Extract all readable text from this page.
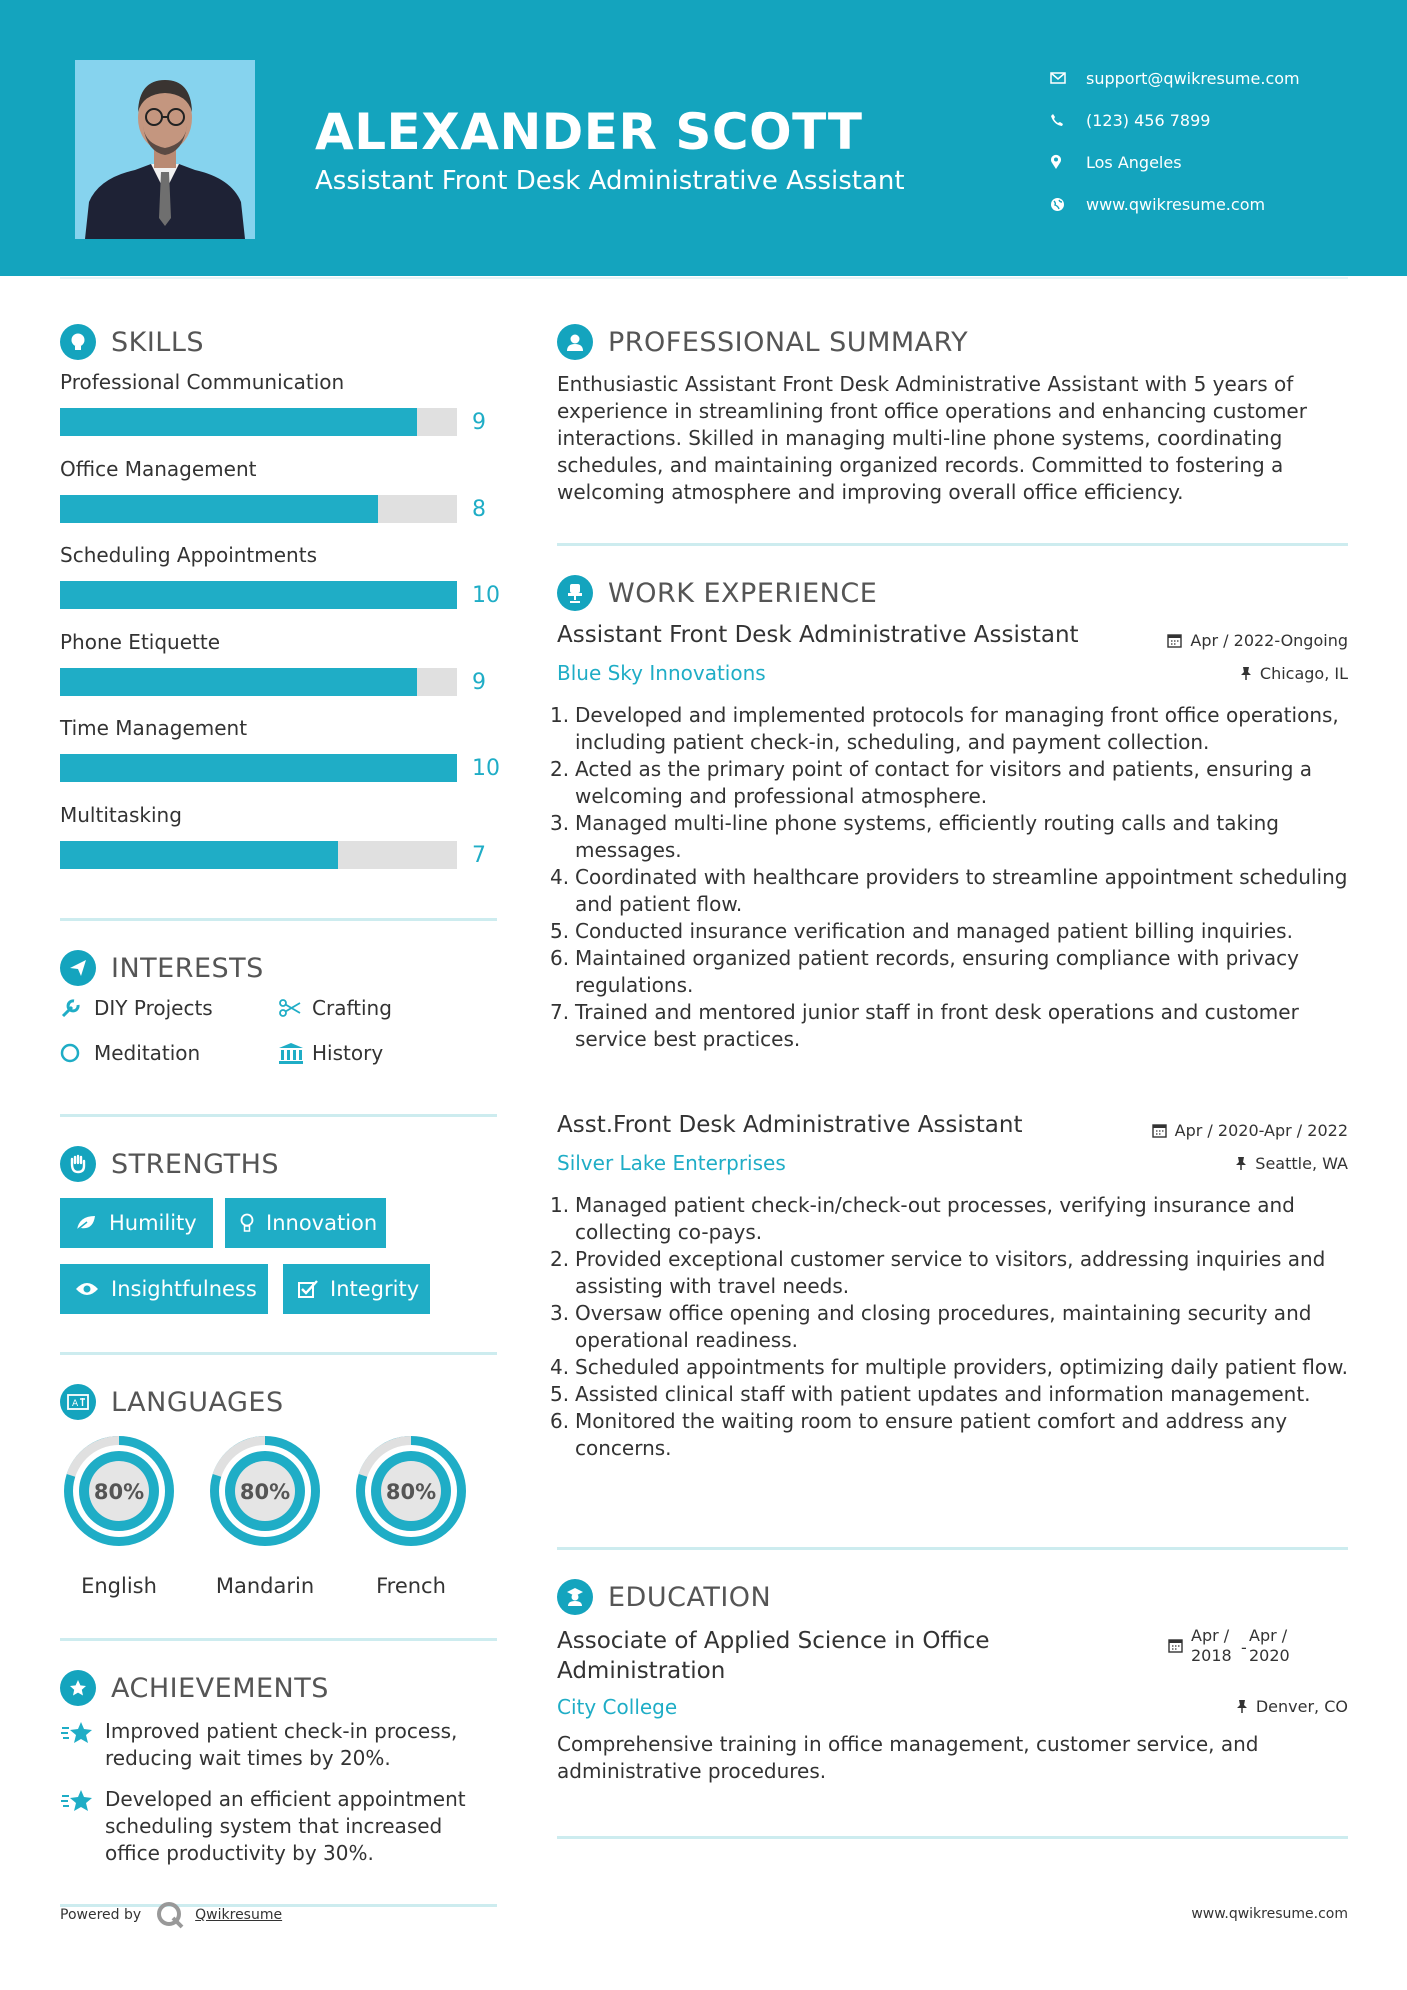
ALEXANDER SCOTT
Assistant Front Desk Administrative Assistant
support@qwikresume.com
(123) 456 7899
Los Angeles
www.qwikresume.com
SKILLS
Professional Communication
9
Office Management
8
Scheduling Appointments
10
Phone Etiquette
9
Time Management
10
Multitasking
7
INTERESTS
DIY Projects	Crafting
Meditation	History
STRENGTHS
Humility	Innovation
Insightfulness	Integrity
A LANGUAGES
80%
English
80%
Mandarin
80%
French
ACHIEVEMENTS
Improved patient check-in process, reducing wait times by 20%.
Developed an efficient appointment scheduling system that increased office productivity by 30%.
PROFESSIONAL SUMMARY
Enthusiastic Assistant Front Desk Administrative Assistant with 5 years of experience in streamlining front office operations and enhancing customer interactions. Skilled in managing multi-line phone systems, coordinating schedules, and maintaining organized records. Committed to fostering a welcoming atmosphere and improving overall office efficiency.
WORK EXPERIENCE
Assistant Front Desk Administrative Assistant	Apr / 2022-Ongoing
Blue Sky Innovations	Chicago, IL
1. Developed and implemented protocols for managing front office operations, including patient check-in, scheduling, and payment collection.
2. Acted as the primary point of contact for visitors and patients, ensuring a welcoming and professional atmosphere.
3. Managed multi-line phone systems, efficiently routing calls and taking messages.
4. Coordinated with healthcare providers to streamline appointment scheduling and patient flow.
5. Conducted insurance verification and managed patient billing inquiries.
6. Maintained organized patient records, ensuring compliance with privacy regulations.
7. Trained and mentored junior staff in front desk operations and customer service best practices.
Asst.Front Desk Administrative Assistant	Apr / 2020-Apr / 2022
Silver Lake Enterprises	Seattle, WA
1. Managed patient check-in/check-out processes, verifying insurance and collecting co-pays.
2. Provided exceptional customer service to visitors, addressing inquiries and assisting with travel needs.
3. Oversaw office opening and closing procedures, maintaining security and operational readiness.
4. Scheduled appointments for multiple providers, optimizing daily patient flow.
5. Assisted clinical staff with patient updates and information management.
6. Monitored the waiting room to ensure patient comfort and address any concerns.
EDUCATION
Associate of Applied Science in Office Administration
Apr / 2018 -
Apr / 2020
City College	Denver, CO
Comprehensive training in office management, customer service, and administrative procedures.
Powered by	Qwikresume	www.qwikresume.com
